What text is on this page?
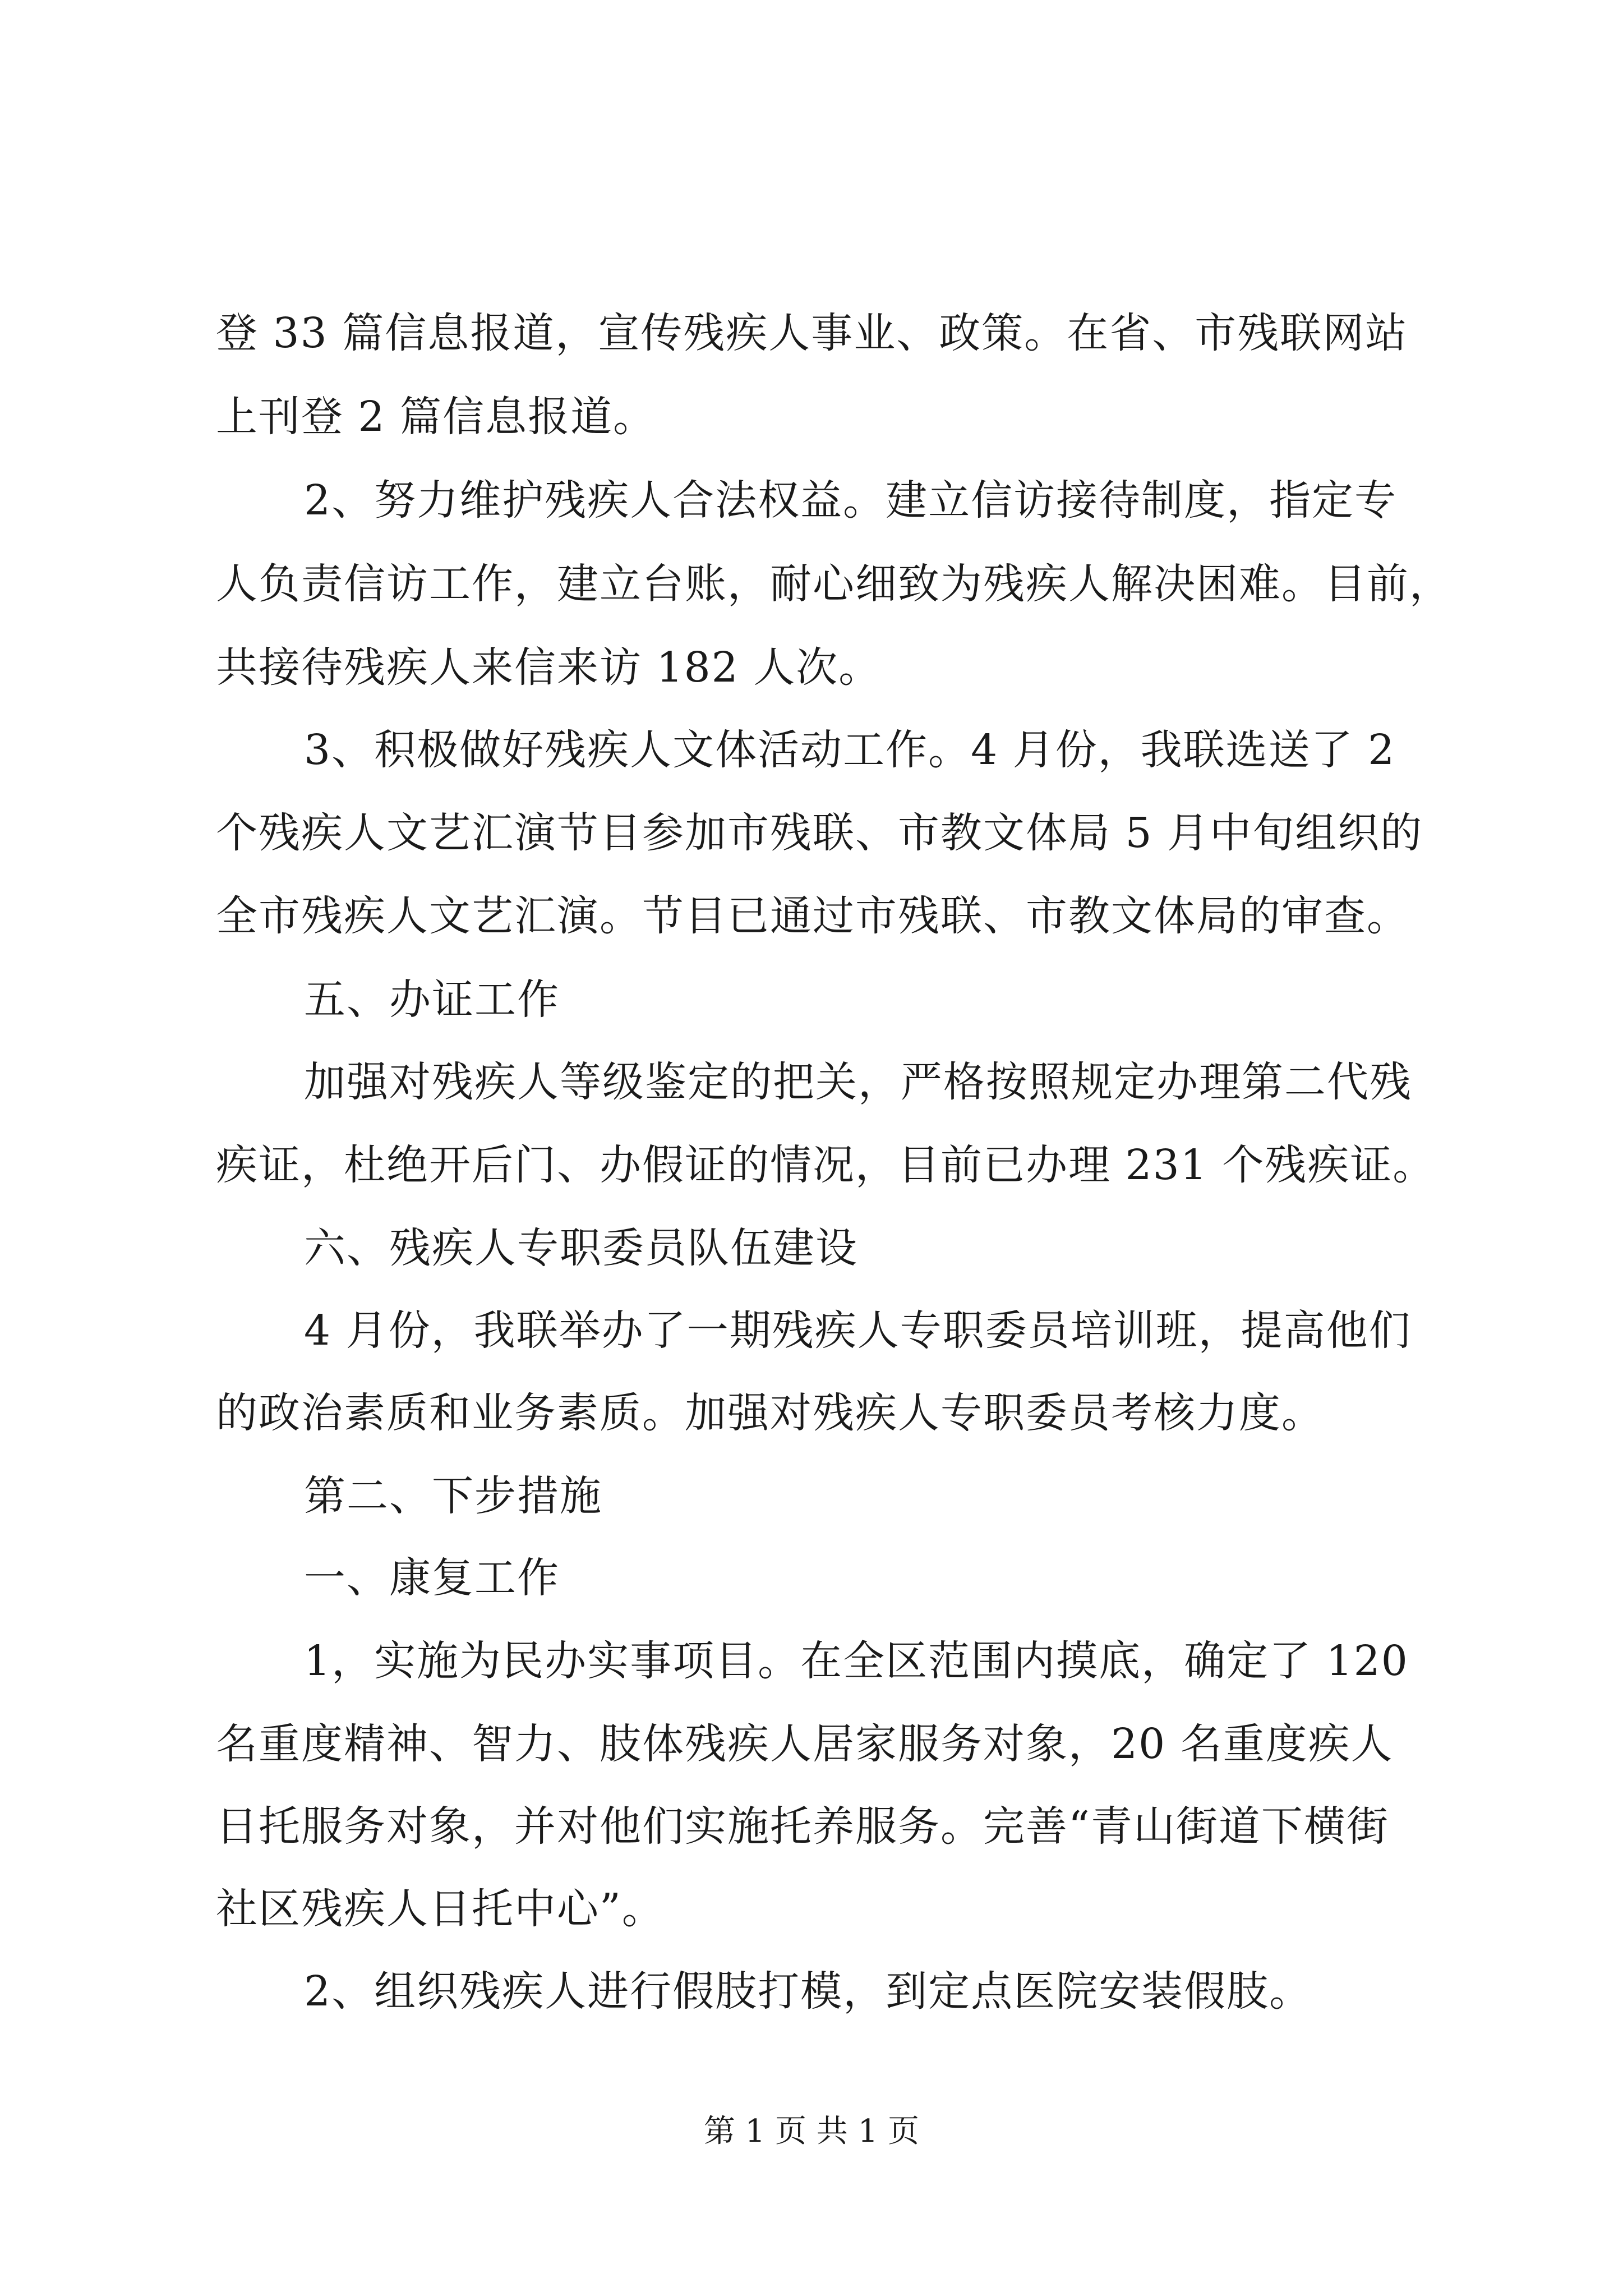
登 33 篇信息报道，宣传残疾人事业、政策。在省、市残联网站
上刊登 2 篇信息报道。
2、努力维护残疾人合法权益。建立信访接待制度，指定专
人负责信访工作，建立台账，耐心细致为残疾人解决困难。目前，
共接待残疾人来信来访 182 人次。
3、积极做好残疾人文体活动工作。4 月份，我联选送了 2
个残疾人文艺汇演节目参加市残联、市教文体局 5 月中旬组织的
全市残疾人文艺汇演。节目已通过市残联、市教文体局的审查。
五、办证工作
加强对残疾人等级鉴定的把关，严格按照规定办理第二代残
疾证，杜绝开后门、办假证的情况，目前已办理 231 个残疾证。
六、残疾人专职委员队伍建设
4 月份，我联举办了一期残疾人专职委员培训班，提高他们
的政治素质和业务素质。加强对残疾人专职委员考核力度。
第二、下步措施
一、康复工作
1，实施为民办实事项目。在全区范围内摸底，确定了 120
名重度精神、智力、肢体残疾人居家服务对象，20 名重度疾人
日托服务对象，并对他们实施托养服务。完善“青山街道下横街
社区残疾人日托中心”。
2、组织残疾人进行假肢打模，到定点医院安装假肢。
第 1 页 共 1 页
